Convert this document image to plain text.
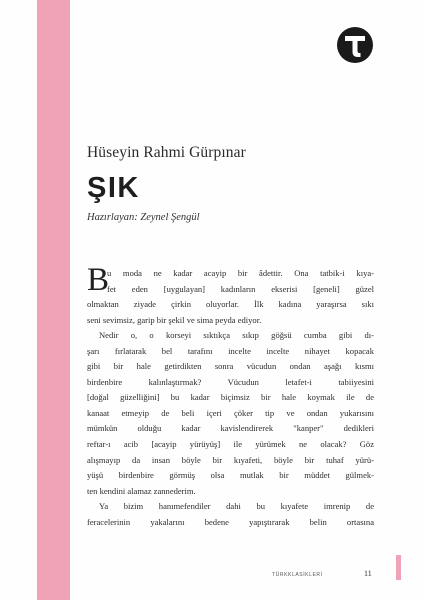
Hüseyin Rahmi Gürpınar
ŞIK
Hazırlayan: Zeynel Şengül
B
u moda ne kadar acayip bir âdettir. Ona tatbik-i kıya-
fet eden [uygulayan] kadınların ekserisi [geneli] güzel
olmaktan ziyade çirkin oluyorlar. İlk kadına yaraşırsa sıkı
seni sevimsiz, garip bir şekil ve sima peyda ediyor.
Nedir o, o korseyi sıktıkça sıkıp göğsü cumba gibi dı-
şarı fırlatarak bel tarafını incelte incelte nihayet kopacak
gibi bir hale getirdikten sonra vücudun ondan aşağı kısmı
birdenbire kalınlaştırmak? Vücudun letafet-i tabiiyesini
[doğal güzelliğini] bu kadar biçimsiz bir hale koymak ile de
kanaat etmeyip de beli içeri çöker tip ve ondan yukarısını
mümkün olduğu kadar kavislendirerek "kanper" dedikleri
reftar-ı acib [acayip yürüyüş] ile yürümek ne olacak? Göz
alışmayıp da insan böyle bir kıyafeti, böyle bir tuhaf yürü-
yüşü birdenbire görmüş olsa mutlak bir müddet gülmek-
ten kendini alamaz zannederim.
Ya bizim hanımefendiler dahi bu kıyafete imrenip de
feracelerinin yakalarını bedene yapıştırarak belin ortasına
TÜRKKLASİKLERİ	11
